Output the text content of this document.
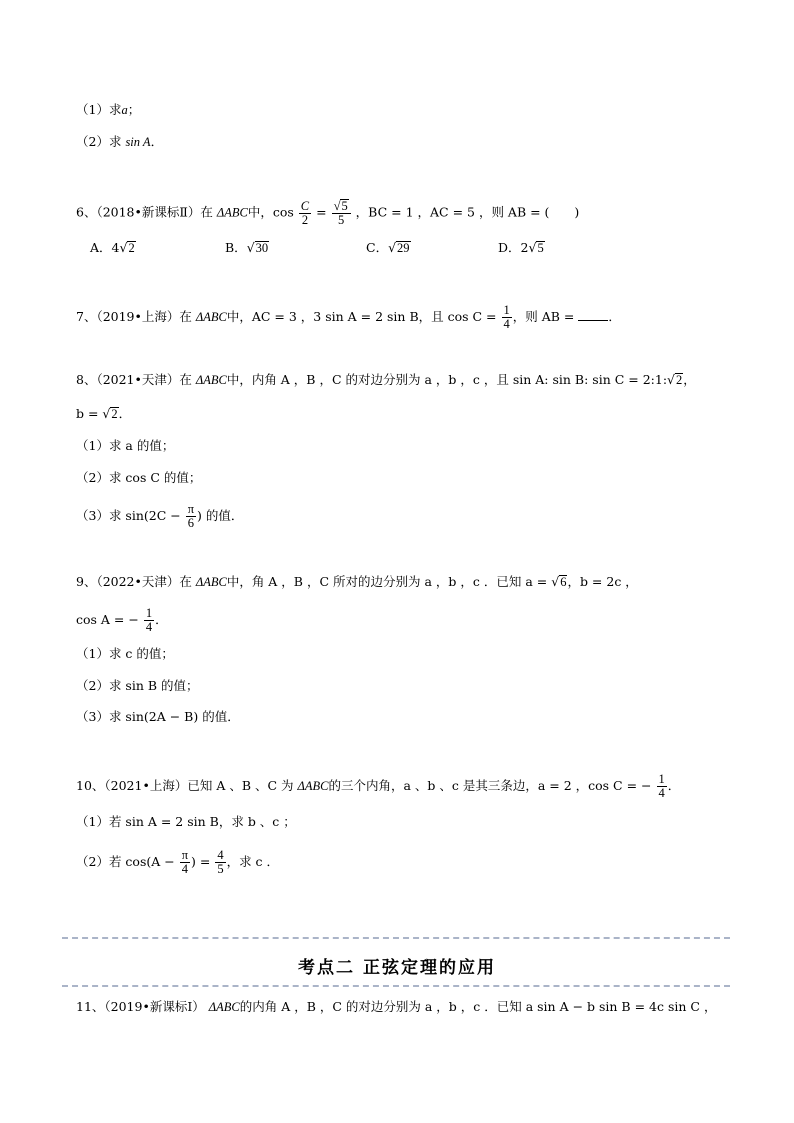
（1）求a；
（2）求 sin A．
6、（2018•新课标Ⅱ）在 ΔABC中，$\cos \frac{C}{2} = \frac{√5}{5}$ ，BC = 1 ，AC = 5 ，则 AB = (　　)
A．4√2	B．√30	C．√29	D．2√5
7、（2019•上海）在 ΔABC中，AC = 3 ，3 sin A = 2 sin B，且 $\cos C = \frac{1}{4}$ ，则 AB =	．
8、（2021•天津）在 ΔABC中，内角 A ，B ，C 的对边分别为 a ，b ，c ，且 sin A: sin B: sin C = 2:1:√2，
b = √2．
（1）求 a 的值；
（2）求 cos C 的值；
（3）求 $\sin(2C - \frac{\pi}{6}$ ) 的值．
9、（2022•天津）在 ΔABC中，角 A ，B ，C 所对的边分别为 a ，b ，c ．已知 a = √6，b = 2c ，
cos A = − $\frac{1}{4}$ ．
（1）求 c 的值；
（2）求 sin B 的值；
（3）求 sin(2A − B) 的值．
10、（2021•上海）已知 A 、B 、C 为 ΔABC的三个内角，a 、b 、c 是其三条边，a = 2 ，cos C = − $\frac{1}{4}$ ．
（1）若 sin A = 2 sin B，求 b 、c ；
（2）若 $\cos(A - \frac{\pi}{4}$ ) = $\frac{4}{5}$ ，求 c ．
考点二 正弦定理的应用
11、（2019•新课标Ⅰ） ΔABC的内角 A ，B ，C 的对边分别为 a ，b ，c ．已知 a sin A − b sin B = 4c sin C ，
